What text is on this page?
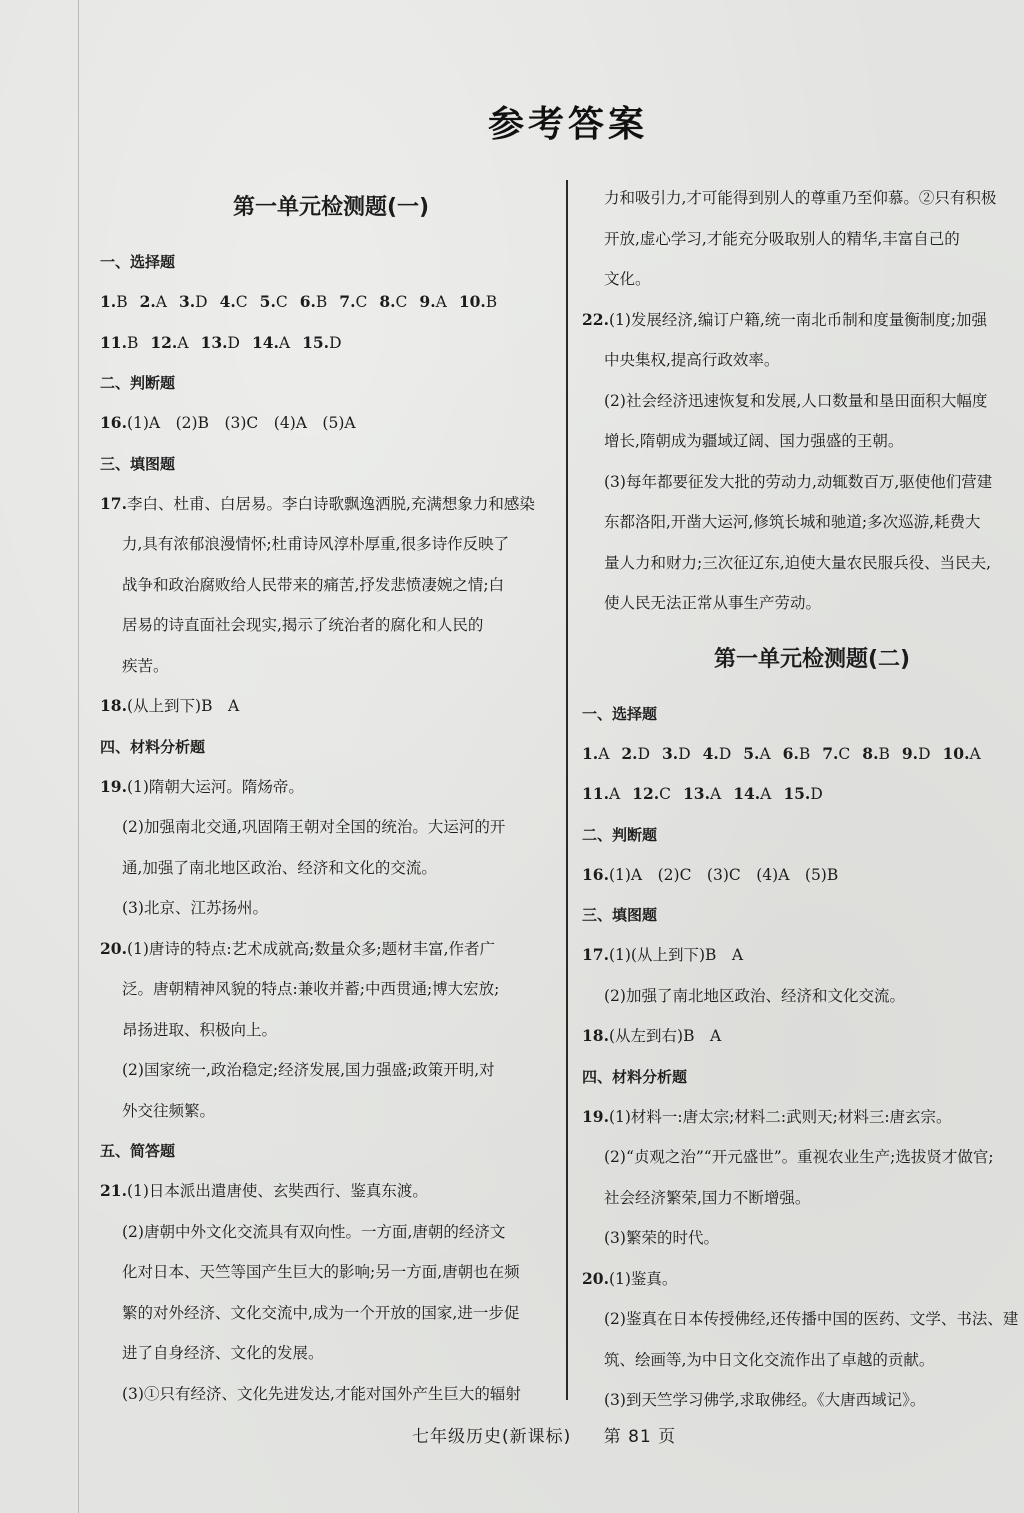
参考答案
第一单元检测题(一)
一、选择题
1.B 2.A 3.D 4.C 5.C 6.B 7.C 8.C 9.A 10.B
11.B 12.A 13.D 14.A 15.D
二、判断题
16.(1)A　(2)B　(3)C　(4)A　(5)A
三、填图题
17.李白、杜甫、白居易。李白诗歌飘逸洒脱,充满想象力和感染
力,具有浓郁浪漫情怀;杜甫诗风淳朴厚重,很多诗作反映了
战争和政治腐败给人民带来的痛苦,抒发悲愤凄婉之情;白
居易的诗直面社会现实,揭示了统治者的腐化和人民的
疾苦。
18.(从上到下)B　A
四、材料分析题
19.(1)隋朝大运河。隋炀帝。
(2)加强南北交通,巩固隋王朝对全国的统治。大运河的开
通,加强了南北地区政治、经济和文化的交流。
(3)北京、江苏扬州。
20.(1)唐诗的特点:艺术成就高;数量众多;题材丰富,作者广
泛。唐朝精神风貌的特点:兼收并蓄;中西贯通;博大宏放;
昂扬进取、积极向上。
(2)国家统一,政治稳定;经济发展,国力强盛;政策开明,对
外交往频繁。
五、简答题
21.(1)日本派出遣唐使、玄奘西行、鉴真东渡。
(2)唐朝中外文化交流具有双向性。一方面,唐朝的经济文
化对日本、天竺等国产生巨大的影响;另一方面,唐朝也在频
繁的对外经济、文化交流中,成为一个开放的国家,进一步促
进了自身经济、文化的发展。
(3)①只有经济、文化先进发达,才能对国外产生巨大的辐射
力和吸引力,才可能得到别人的尊重乃至仰慕。②只有积极
开放,虚心学习,才能充分吸取别人的精华,丰富自己的
文化。
22.(1)发展经济,编订户籍,统一南北币制和度量衡制度;加强
中央集权,提高行政效率。
(2)社会经济迅速恢复和发展,人口数量和垦田面积大幅度
增长,隋朝成为疆域辽阔、国力强盛的王朝。
(3)每年都要征发大批的劳动力,动辄数百万,驱使他们营建
东都洛阳,开凿大运河,修筑长城和驰道;多次巡游,耗费大
量人力和财力;三次征辽东,迫使大量农民服兵役、当民夫,
使人民无法正常从事生产劳动。
第一单元检测题(二)
一、选择题
1.A 2.D 3.D 4.D 5.A 6.B 7.C 8.B 9.D 10.A
11.A 12.C 13.A 14.A 15.D
二、判断题
16.(1)A　(2)C　(3)C　(4)A　(5)B
三、填图题
17.(1)(从上到下)B　A
(2)加强了南北地区政治、经济和文化交流。
18.(从左到右)B　A
四、材料分析题
19.(1)材料一:唐太宗;材料二:武则天;材料三:唐玄宗。
(2)“贞观之治”“开元盛世”。重视农业生产;选拔贤才做官;
社会经济繁荣,国力不断增强。
(3)繁荣的时代。
20.(1)鉴真。
(2)鉴真在日本传授佛经,还传播中国的医药、文学、书法、建
筑、绘画等,为中日文化交流作出了卓越的贡献。
(3)到天竺学习佛学,求取佛经。《大唐西域记》。
七年级历史(新课标) 第 81 页
